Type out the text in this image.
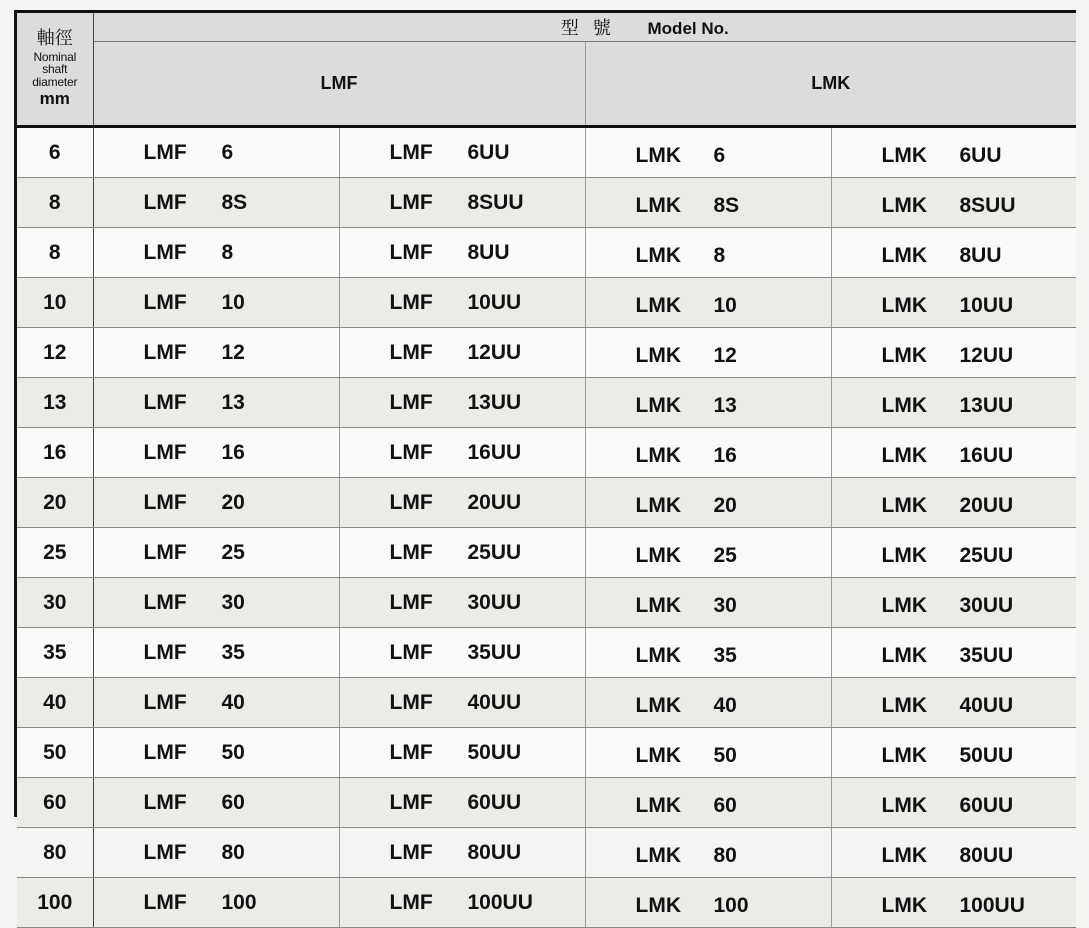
軸徑
Nominal
shaft
diameter
mm	型號 Model No.			
	LMF		LMK	
6	LMF 6	LMF 6UU	LMK 6	LMK 6UU
8	LMF 8S	LMF 8SUU	LMK 8S	LMK 8SUU
8	LMF 8	LMF 8UU	LMK 8	LMK 8UU
10	LMF 10	LMF 10UU	LMK 10	LMK 10UU
12	LMF 12	LMF 12UU	LMK 12	LMK 12UU
13	LMF 13	LMF 13UU	LMK 13	LMK 13UU
16	LMF 16	LMF 16UU	LMK 16	LMK 16UU
20	LMF 20	LMF 20UU	LMK 20	LMK 20UU
25	LMF 25	LMF 25UU	LMK 25	LMK 25UU
30	LMF 30	LMF 30UU	LMK 30	LMK 30UU
35	LMF 35	LMF 35UU	LMK 35	LMK 35UU
40	LMF 40	LMF 40UU	LMK 40	LMK 40UU
50	LMF 50	LMF 50UU	LMK 50	LMK 50UU
60	LMF 60	LMF 60UU	LMK 60	LMK 60UU
80	LMF 80	LMF 80UU	LMK 80	LMK 80UU
100	LMF 100	LMF 100UU	LMK 100	LMK 100UU
